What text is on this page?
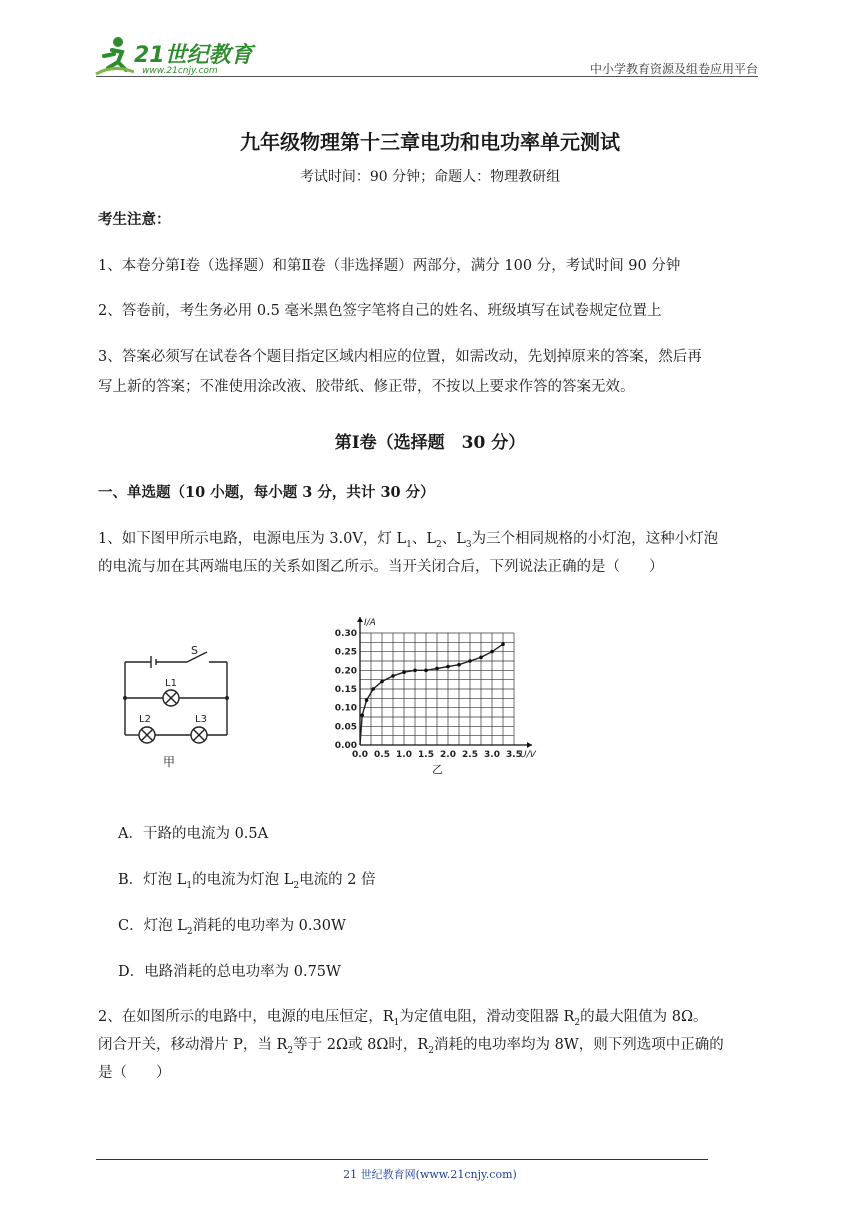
21世纪教育
www.21cnjy.com	中小学教育资源及组卷应用平台
九年级物理第十三章电功和电功率单元测试
考试时间：90 分钟；命题人：物理教研组
考生注意：
1、本卷分第Ⅰ卷（选择题）和第Ⅱ卷（非选择题）两部分，满分 100 分，考试时间 90 分钟
2、答卷前，考生务必用 0.5 毫米黑色签字笔将自己的姓名、班级填写在试卷规定位置上
3、答案必须写在试卷各个题目指定区域内相应的位置，如需改动，先划掉原来的答案，然后再
写上新的答案；不准使用涂改液、胶带纸、修正带，不按以上要求作答的答案无效。
第Ⅰ卷（选择题　30 分）
一、单选题（10 小题，每小题 3 分，共计 30 分）
1、如下图甲所示电路，电源电压为 3.0V，灯 $L_1$、$L_2$、$L_3$为三个相同规格的小灯泡，这种小灯泡
的电流与加在其两端电压的关系如图乙所示。当开关闭合后，下列说法正确的是（　　）
S
L1
L2	L3
甲	0.0 0.5 1.0 1.5 2.0 2.5 3.0 3.5
0.00
0.05
0.10
0.15
0.20
0.25
0.30
I/A
U/V
乙
A．干路的电流为 0.5A
B．灯泡 $L_1$的电流为灯泡 $L_2$电流的 2 倍
C．灯泡 $L_2$消耗的电功率为 0.30W
D．电路消耗的总电功率为 0.75W
2、在如图所示的电路中，电源的电压恒定，$R_1$为定值电阻，滑动变阻器 $R_2$的最大阻值为 8Ω。
闭合开关，移动滑片 P，当 $R_2$等于 2Ω或 8Ω时，$R_2$消耗的电功率均为 8W，则下列选项中正确的
是（　　）
21 世纪教育网(www.21cnjy.com)
